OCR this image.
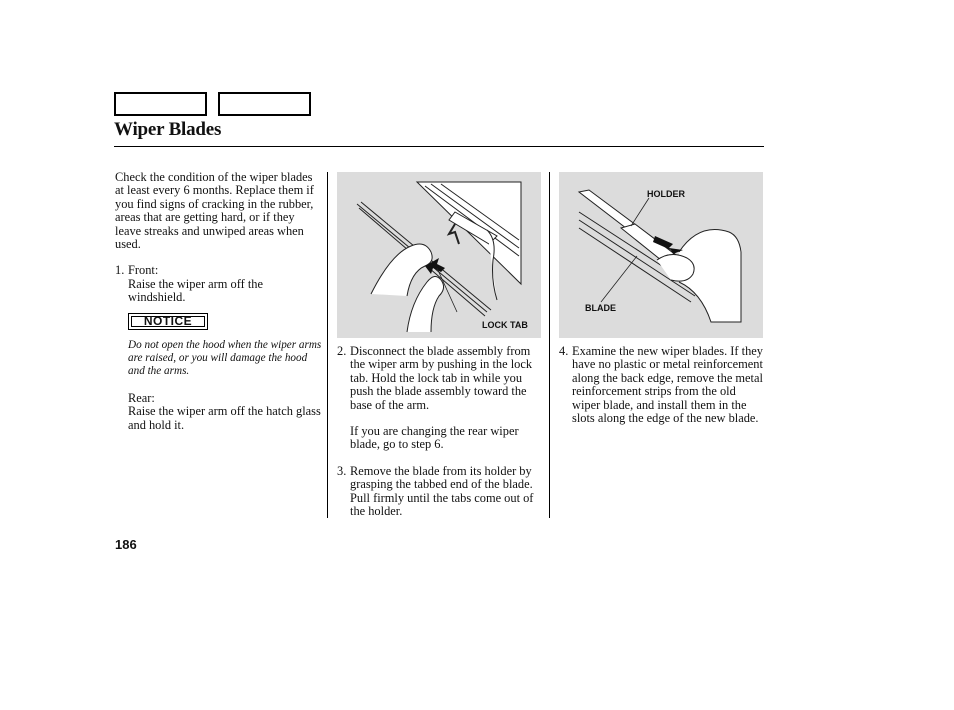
Wiper Blades

Check the condition of the wiper blades at least every 6 months. Replace them if you find signs of cracking in the rubber, areas that are getting hard, or if they leave streaks and unwiped areas when used.

1. Front:

Raise the wiper arm off the windshield.

NOTICE

Do not open the hood when the wiper arms are raised, or you will damage the hood and the arms.

Rear:

Raise the wiper arm off the hatch glass and hold it.

LOCK TAB
HOLDER
BLADE
2. Disconnect the blade assembly from the wiper arm by pushing in the lock tab. Hold the lock tab in while you push the blade assembly toward the base of the arm.

If you are changing the rear wiper blade, go to step 6.

3. Remove the blade from its holder by grasping the tabbed end of the blade. Pull firmly until the tabs come out of the holder.
4. Examine the new wiper blades. If they have no plastic or metal reinforcement along the back edge, remove the metal reinforcement strips from the old wiper blade, and install them in the slots along the edge of the new blade.
186
